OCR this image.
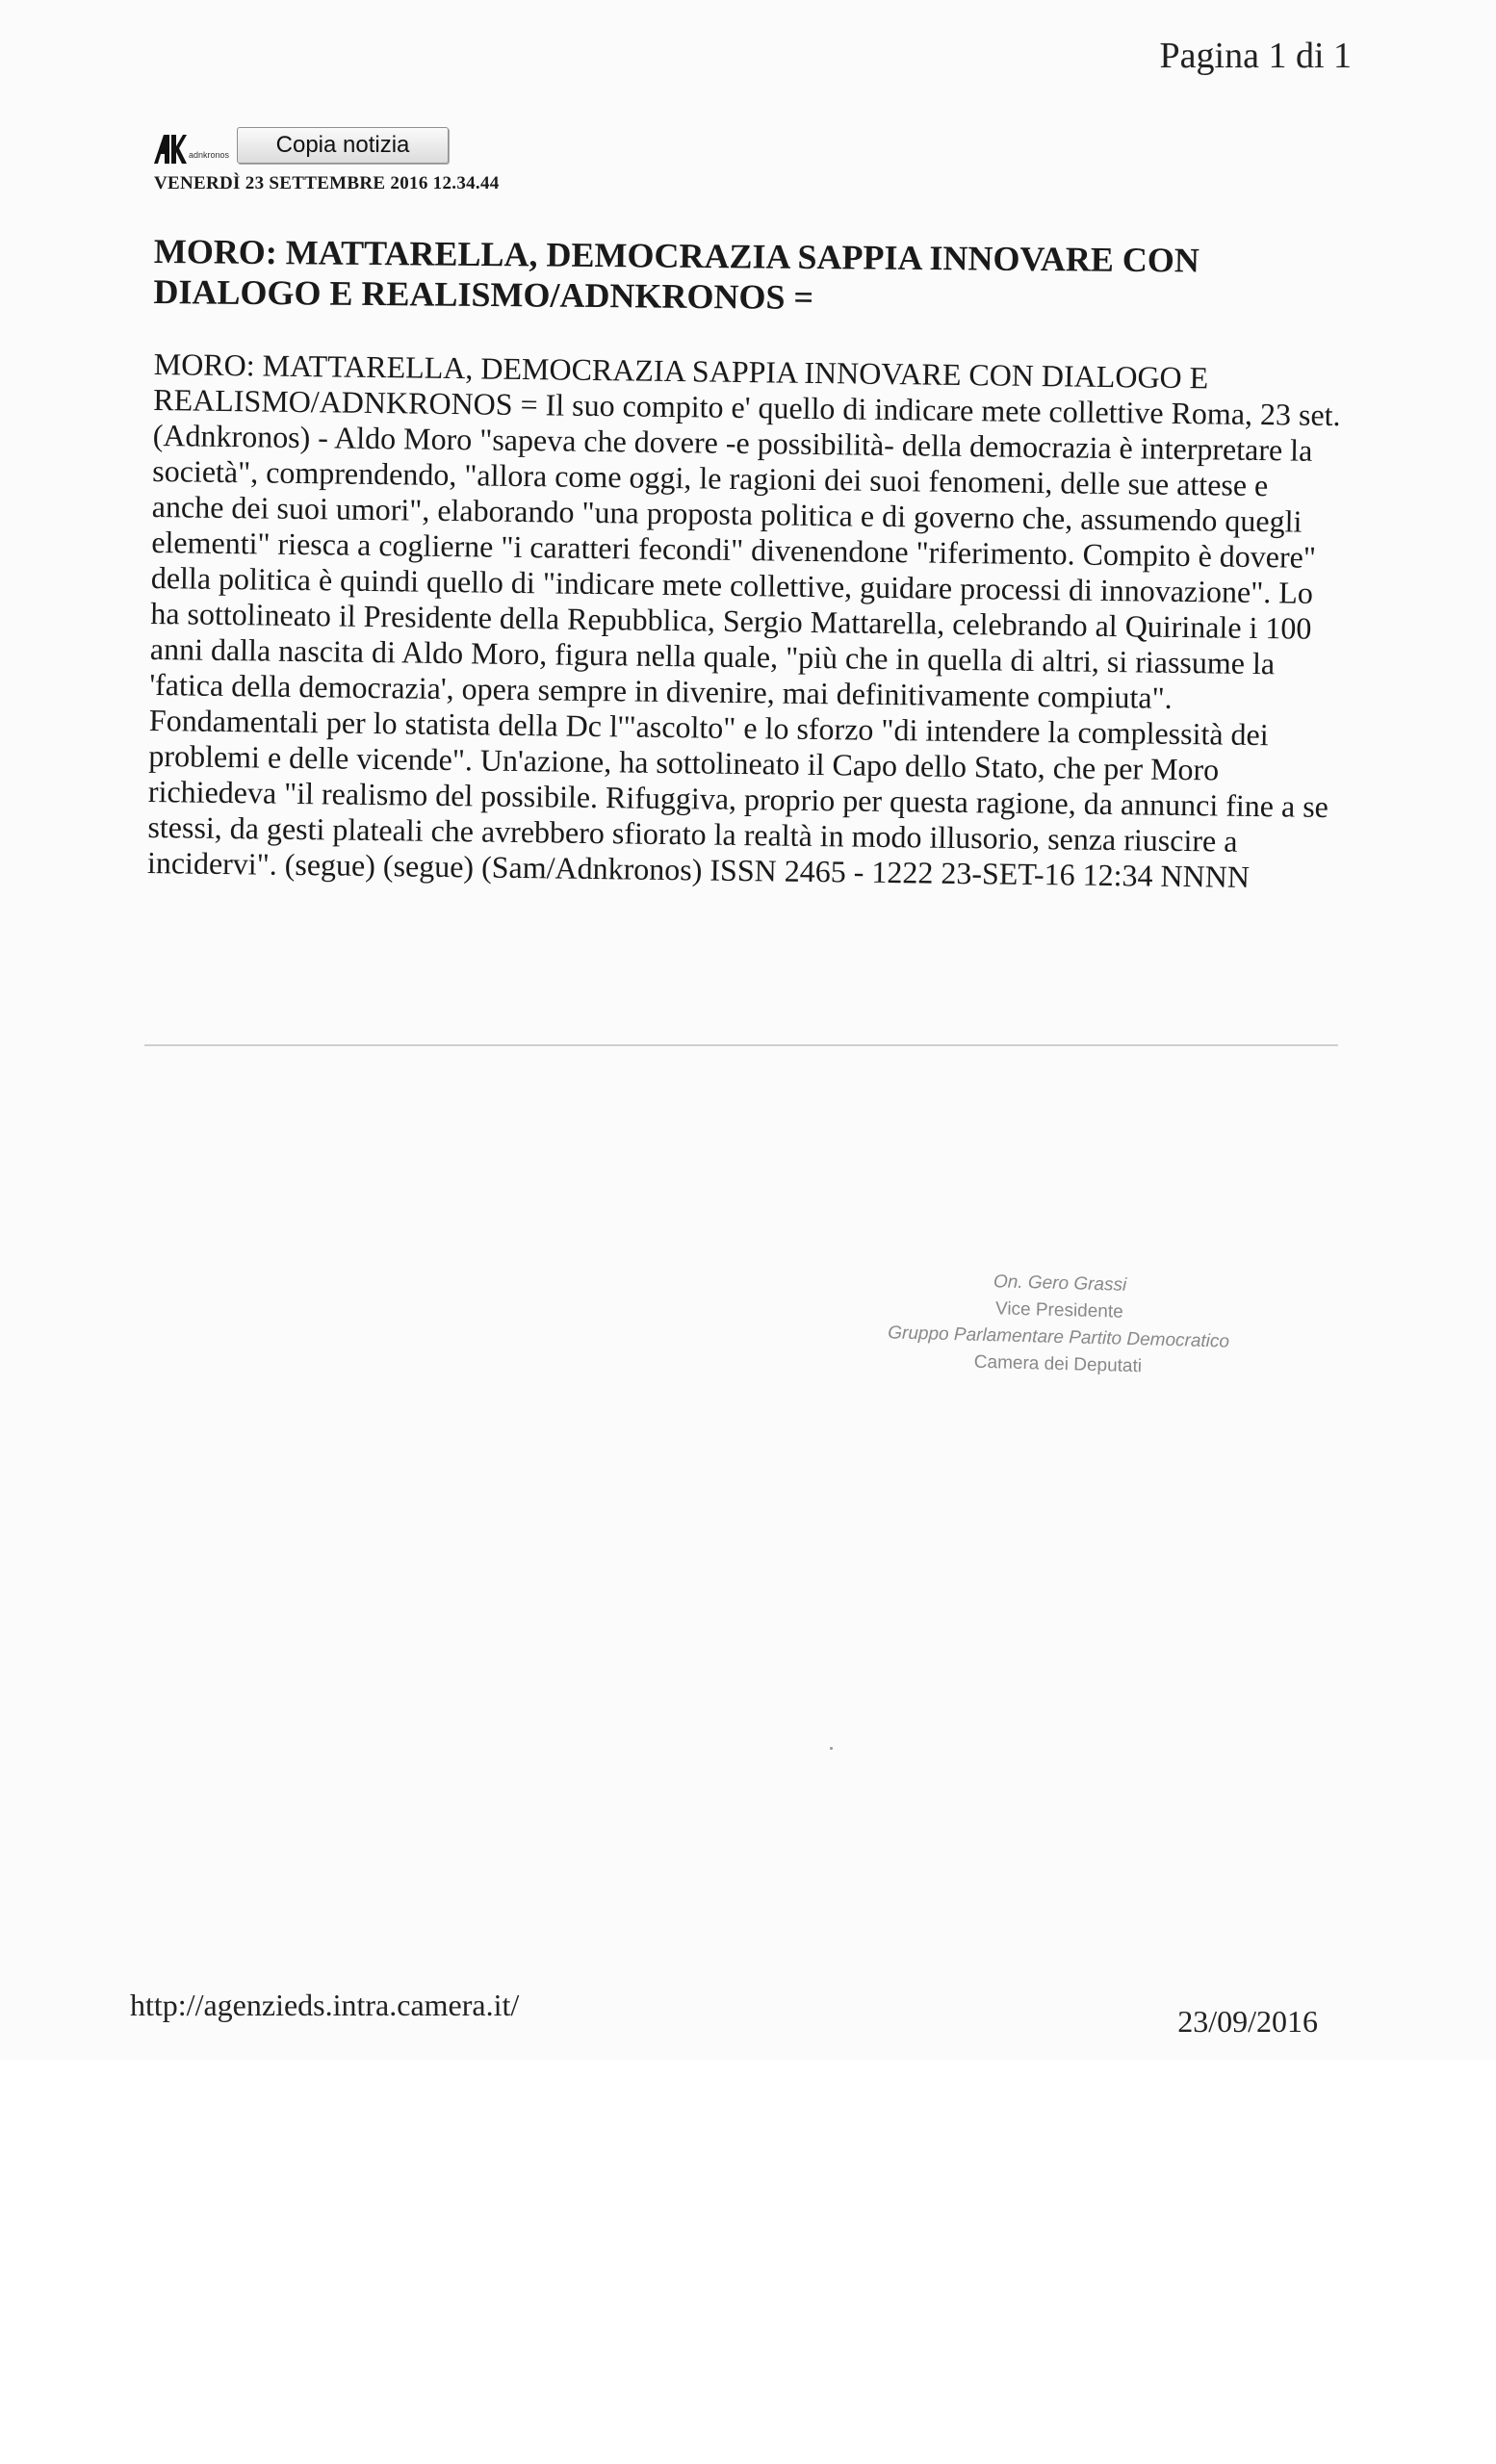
Pagina 1 di 1
adnkronos	Copia notizia
VENERDÌ 23 SETTEMBRE 2016 12.34.44
MORO: MATTARELLA, DEMOCRAZIA SAPPIA INNOVARE CON DIALOGO E REALISMO/ADNKRONOS =

MORO: MATTARELLA, DEMOCRAZIA SAPPIA INNOVARE CON DIALOGO E REALISMO/ADNKRONOS = Il suo compito e' quello di indicare mete collettive Roma, 23 set. (Adnkronos) - Aldo Moro "sapeva che dovere -e possibilità- della democrazia è interpretare la società", comprendendo, "allora come oggi, le ragioni dei suoi fenomeni, delle sue attese e anche dei suoi umori", elaborando "una proposta politica e di governo che, assumendo quegli elementi" riesca a coglierne "i caratteri fecondi" divenendone "riferimento. Compito è dovere" della politica è quindi quello di "indicare mete collettive, guidare processi di innovazione". Lo ha sottolineato il Presidente della Repubblica, Sergio Mattarella, celebrando al Quirinale i 100 anni dalla nascita di Aldo Moro, figura nella quale, "più che in quella di altri, si riassume la 'fatica della democrazia', opera sempre in divenire, mai definitivamente compiuta". Fondamentali per lo statista della Dc l'"ascolto" e lo sforzo "di intendere la complessità dei problemi e delle vicende". Un'azione, ha sottolineato il Capo dello Stato, che per Moro richiedeva "il realismo del possibile. Rifuggiva, proprio per questa ragione, da annunci fine a se stessi, da gesti plateali che avrebbero sfiorato la realtà in modo illusorio, senza riuscire a incidervi". (segue) (segue) (Sam/Adnkronos) ISSN 2465 - 1222 23-SET-16 12:34 NNNN

On. Gero Grassi
Vice Presidente
Gruppo Parlamentare Partito Democratico
Camera dei Deputati
http://agenzieds.intra.camera.it/	23/09/2016
